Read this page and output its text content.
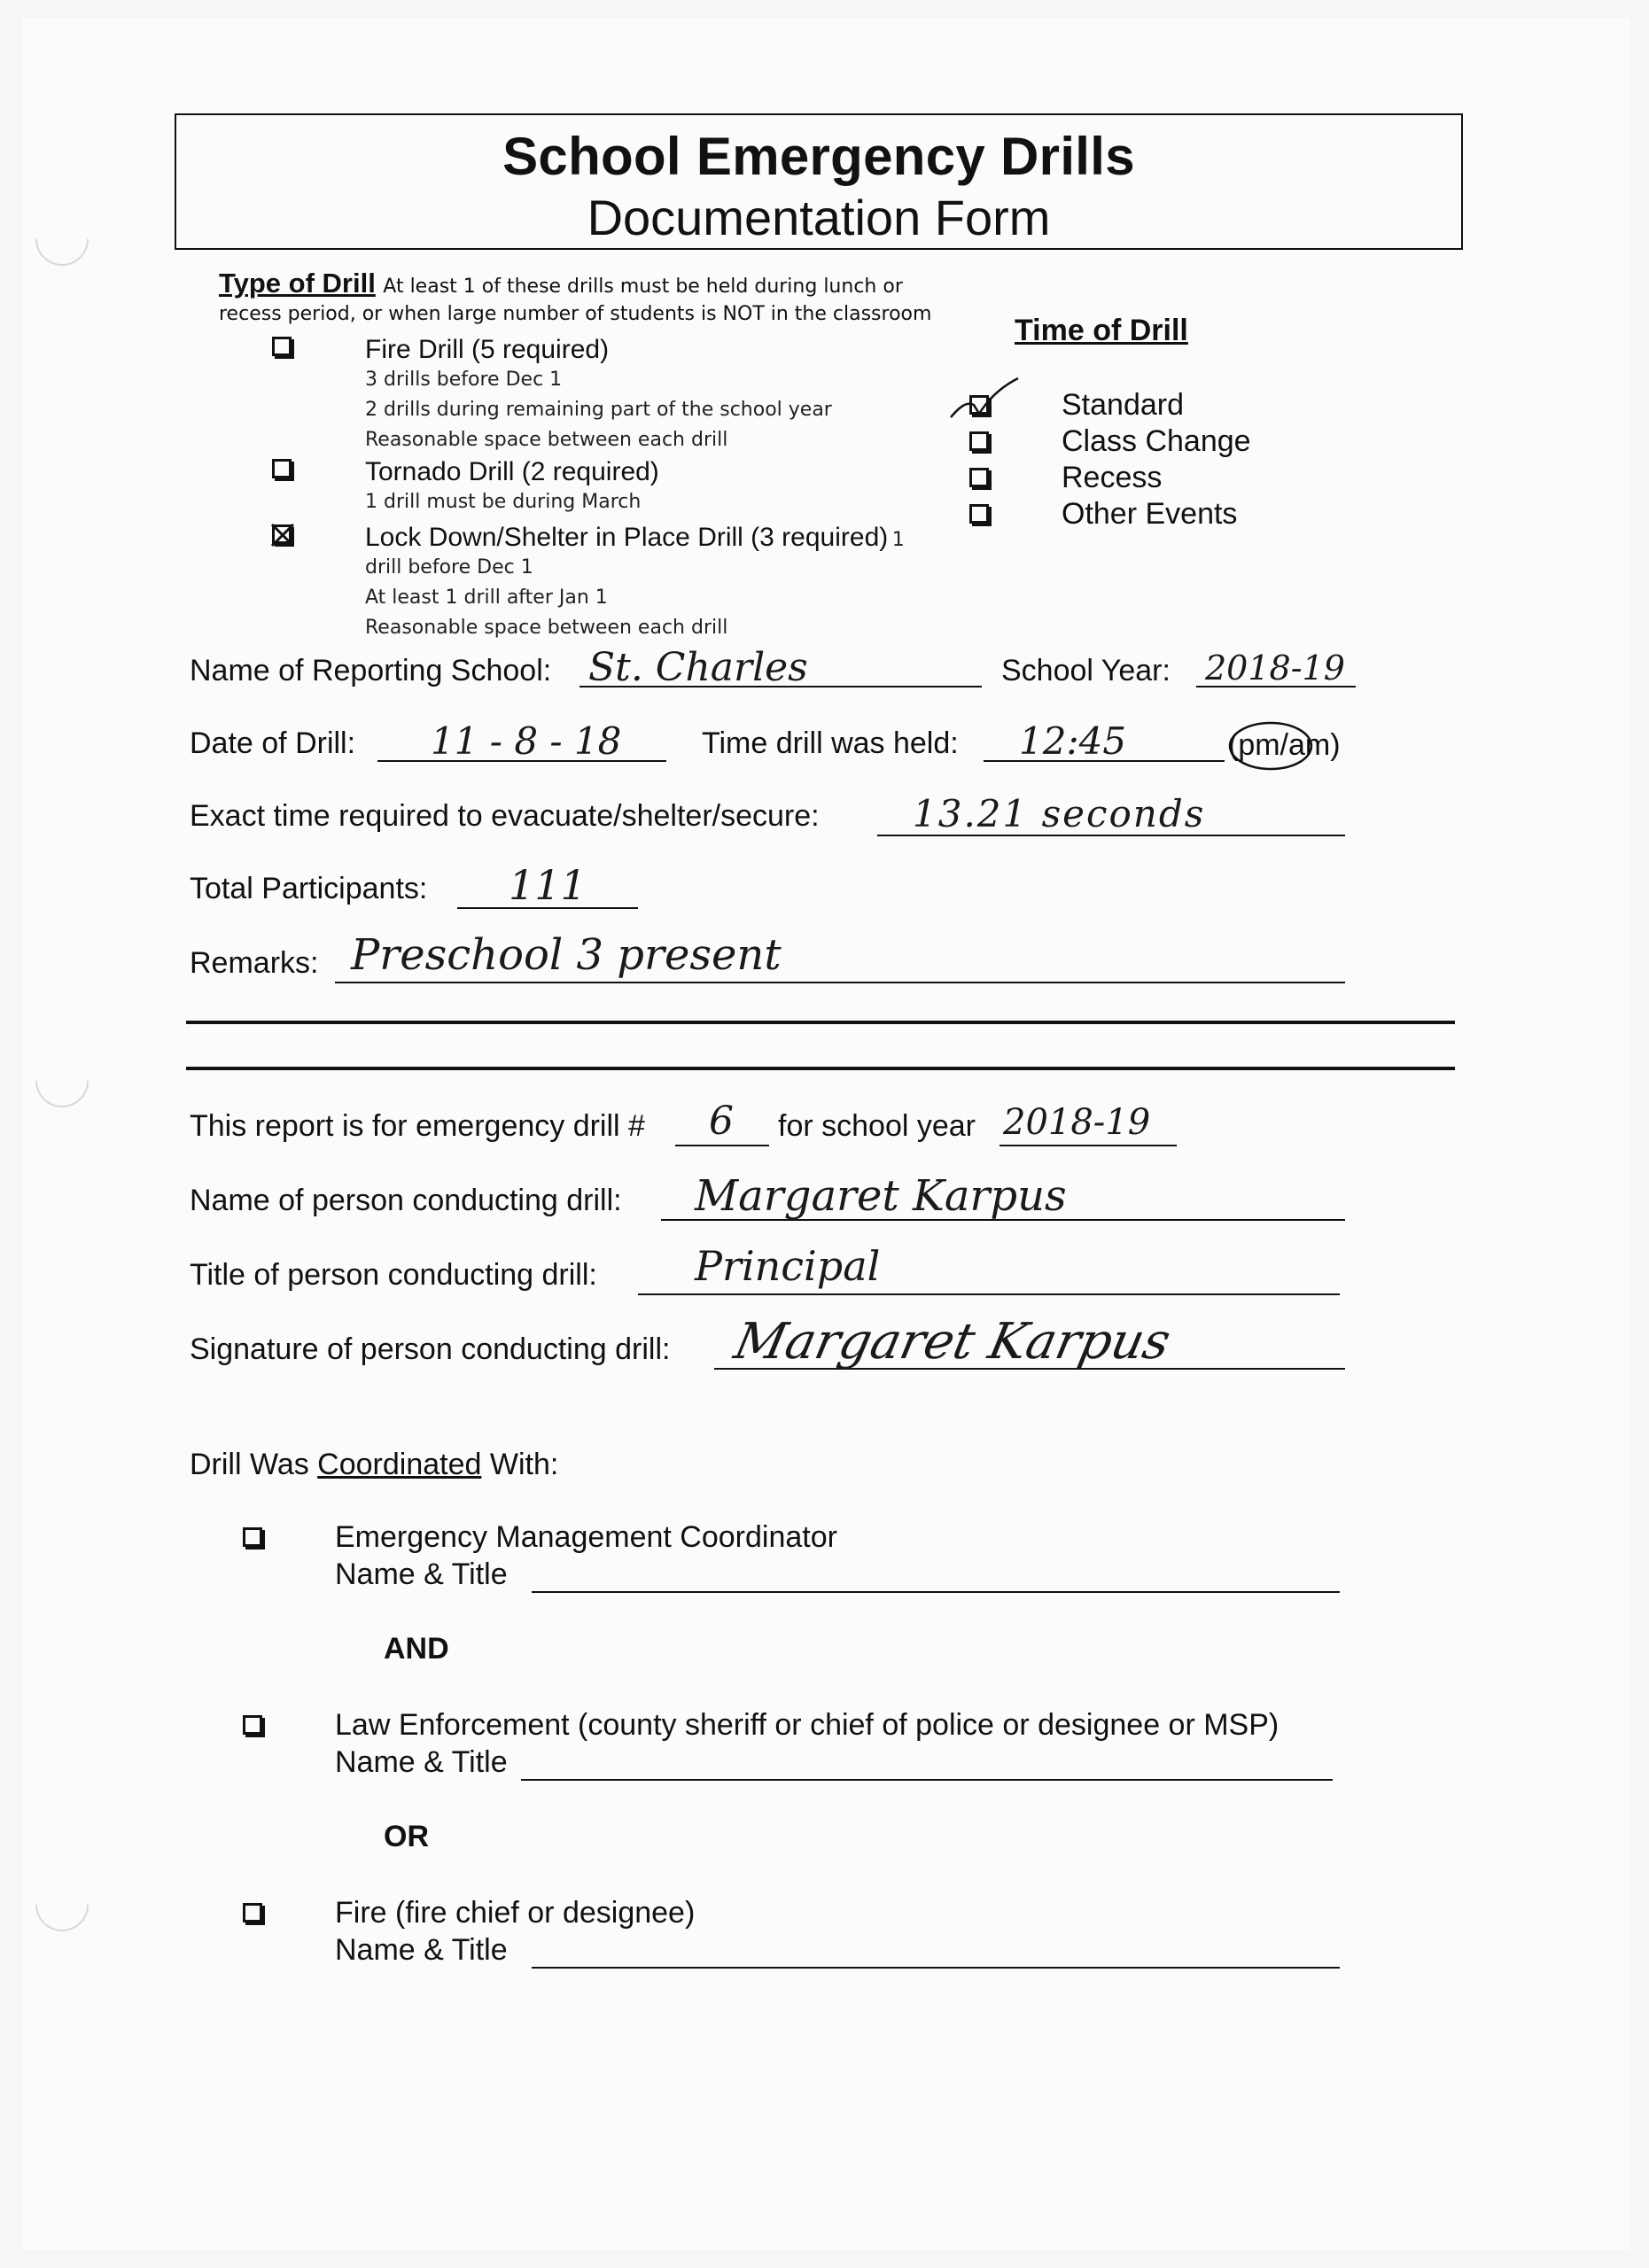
School Emergency Drills
Documentation Form
Type of Drill At least 1 of these drills must be held during lunch or
recess period, or when large number of students is NOT in the classroom
Fire Drill (5 required)
3 drills before Dec 1
2 drills during remaining part of the school year
Reasonable space between each drill
Tornado Drill (2 required)
1 drill must be during March
Lock Down/Shelter in Place Drill (3 required) 1
drill before Dec 1
At least 1 drill after Jan 1
Reasonable space between each drill
Time of Drill
Standard
Class Change
Recess
Other Events
Name of Reporting School: St. Charles	School Year: 2018-19
Date of Drill: 11 - 8 - 18	Time drill was held: 12:45	(pm/am)
Exact time required to evacuate/shelter/secure:	13.21 seconds
Total Participants: 111
Remarks: Preschool 3 present
This report is for emergency drill # 6 for school year 2018-19
Name of person conducting drill: Margaret Karpus
Title of person conducting drill: Principal
Signature of person conducting drill: Margaret Karpus
Drill Was Coordinated With:
Emergency Management Coordinator
Name & Title
AND
Law Enforcement (county sheriff or chief of police or designee or MSP)
Name & Title
OR
Fire (fire chief or designee)
Name & Title
